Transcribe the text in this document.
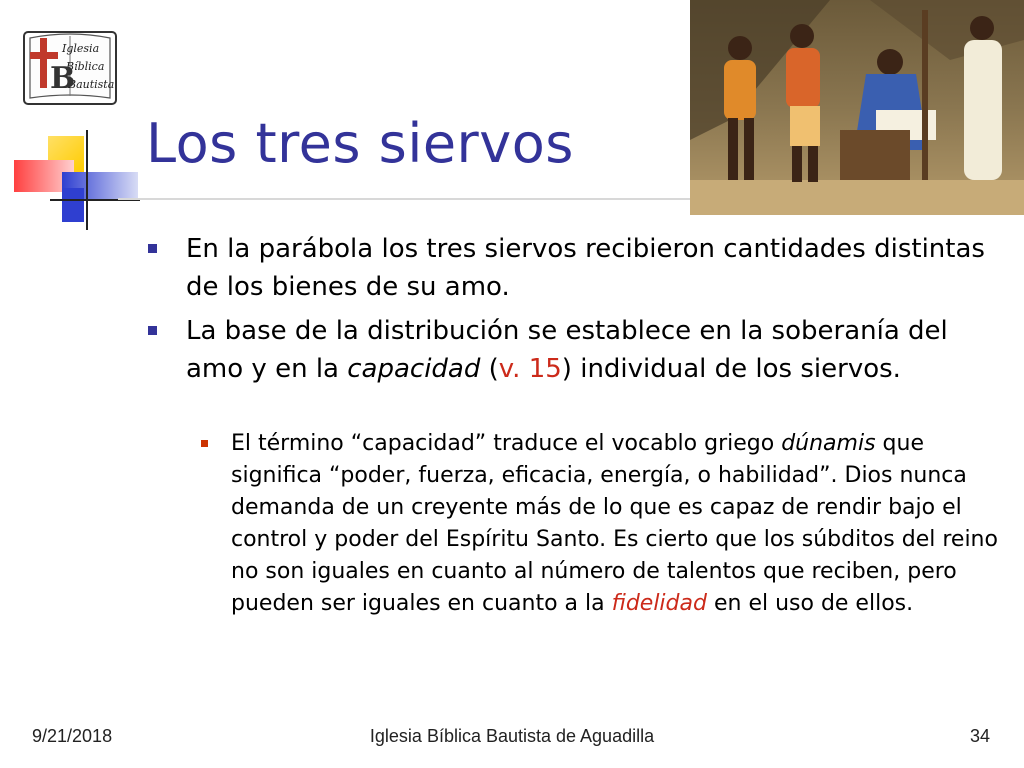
Iglesia
Bíblica
Bautista
B
Los tres siervos
En la parábola los tres siervos recibieron cantidades distintas de los bienes de su amo.
La base de la distribución se establece en la soberanía del amo y en la capacidad (v. 15) individual de los siervos.
El término “capacidad” traduce el vocablo griego dúnamis que significa “poder, fuerza, eficacia, energía, o habilidad”. Dios nunca demanda de un creyente más de lo que es capaz de rendir bajo el control y poder del Espíritu Santo. Es cierto que los súbditos del reino no son iguales en cuanto al número de talentos que reciben, pero pueden ser iguales en cuanto a la fidelidad en el uso de ellos.
9/21/2018	Iglesia Bíblica Bautista de Aguadilla	34
